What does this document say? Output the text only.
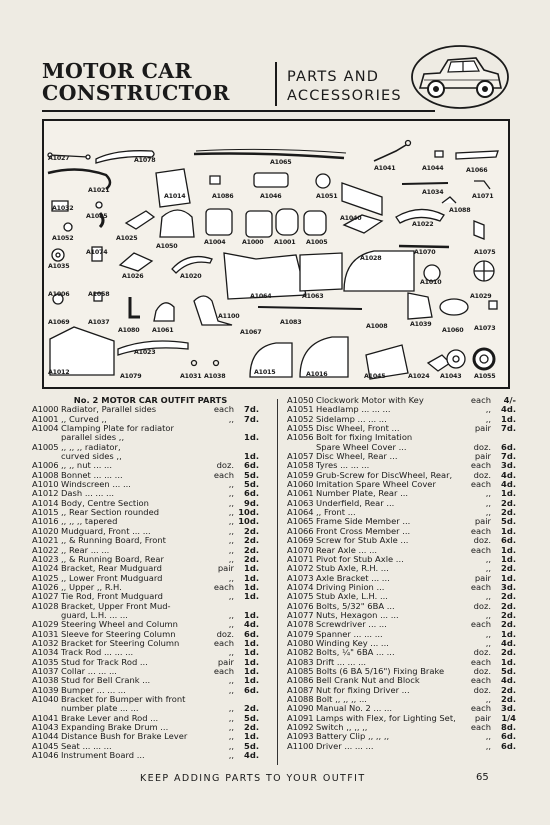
MOTOR CAR
CONSTRUCTOR
PARTS AND
ACCESSORIES
A1027	A1078	A1065
A1041	A1044	A1066
A1021
A1014	A1086	A1046	A1051
A1034
A1071
A1032
A1085	A1040
A1088
A1022
A1052	A1025
A1004	A1000 A1001 A1005
A1050
A1074
A1028
A1070	A1075
A1035
A1026	A1020
A1010
A1006	A1058	A1064	A1063	A1029
A1069	A1037
A1100
A1083
A1080 A1061	A1067
A1039
A1008
A1060 A1073
A1023
A1012
A1079	A1031 A1038
A1015	A1016	A1045	A1024 A1043 A1055
No. 2 MOTOR CAR OUTFIT PARTS
A1000 Radiator, Parallel sides	each 7d.
A1001 ,, Curved ,,	,, 7d.
A1004 Clamping Plate for radiator
parallel sides ,,	1d.
A1005 ,, ,, ,, radiator,
curved sides ,,	1d.
A1006 ,, ,, nut ... ...	doz. 6d.
A1008 Bonnet ... ... ...	each 5d.
A1010 Windscreen ... ...	,, 5d.
A1012 Dash ... ... ...	,, 6d.
A1014 Body, Centre Section	,, 9d.
A1015 ,, Rear Section rounded	,, 10d.
A1016 ,, ,, ,, tapered	,, 10d.
A1020 Mudguard, Front ... ...	,, 2d.
A1021 ,, & Running Board, Front	,, 2d.
A1022 ,, Rear ... ...	,, 2d.
A1023 ,, & Running Board, Rear	,, 2d.
A1024 Bracket, Rear Mudguard	pair 1d.
A1025 ,, Lower Front Mudguard	,, 1d.
A1026 ,, Upper ,, R.H.	each 1d.
A1027 Tie Rod, Front Mudguard	,, 1d.
A1028 Bracket, Upper Front Mud-
guard, L.H. ... ...	,, 1d.
A1029 Steering Wheel and Column	,, 4d.
A1031 Sleeve for Steering Column	doz. 6d.
A1032 Bracket for Steering Column	each 1d.
A1034 Track Rod ... ... ...	,, 1d.
A1035 Stud for Track Rod ...	pair 1d.
A1037 Collar ... ... ...	each 1d.
A1038 Stud for Bell Crank ...	,, 1d.
A1039 Bumper ... ... ...	,, 6d.
A1040 Bracket for Bumper with front
number plate ... ...	,, 2d.
A1041 Brake Lever and Rod ...	,, 5d.
A1043 Expanding Brake Drum ...	,, 2d.
A1044 Distance Bush for Brake Lever	,, 1d.
A1045 Seat ... ... ...	,, 5d.
A1046 Instrument Board ...	,, 4d.
A1050 Clockwork Motor with Key	each 4/-
A1051 Headlamp ... ... ...	,, 4d.
A1052 Sidelamp ... ... ...	,, 1d.
A1055 Disc Wheel, Front ...	pair 7d.
A1056 Bolt for fixing Imitation
Spare Wheel Cover ...	doz. 6d.
A1057 Disc Wheel, Rear ...	pair 7d.
A1058 Tyres ... ... ...	each 3d.
A1059 Grub-Screw for DiscWheel, Rear,	doz. 4d.
A1060 Imitation Spare Wheel Cover	each 4d.
A1061 Number Plate, Rear ...	,, 1d.
A1063 Underfield, Rear ...	,, 2d.
A1064 ,, Front ...	,, 2d.
A1065 Frame Side Member ...	pair 5d.
A1066 Front Cross Member ...	each 1d.
A1069 Screw for Stub Axle ...	doz. 6d.
A1070 Rear Axle ... ...	each 1d.
A1071 Pivot for Stub Axle ...	,, 1d.
A1072 Stub Axle, R.H. ...	,, 2d.
A1073 Axle Bracket ... ...	pair 1d.
A1074 Driving Pinion ...	each 3d.
A1075 Stub Axle, L.H. ...	,, 2d.
A1076 Bolts, 5/32" 6BA ...	doz. 2d.
A1077 Nuts, Hexagon ... ...	,, 2d.
A1078 Screwdriver ... ...	each 2d.
A1079 Spanner ... ... ...	,, 1d.
A1080 Winding Key ... ...	,, 4d.
A1082 Bolts, ¼" 6BA ... ...	doz. 2d.
A1083 Drift ... ... ...	each 1d.
A1085 Bolts (6 BA 5/16") Fixing Brake	doz. 5d.
A1086 Bell Crank Nut and Block	each 4d.
A1087 Nut for fixing Driver ...	doz. 2d.
A1088 Bolt ,, ,, ,, ...	,, 2d.
A1090 Manual No. 2 ... ...	each 3d.
A1091 Lamps with Flex, for Lighting Set, pair 1/4
A1092 Switch ,, ,, ,,	each 8d.
A1093 Battery Clip ,, ,, ,,	,, 6d.
A1100 Driver ... ... ...	,, 6d.
KEEP ADDING PARTS TO YOUR OUTFIT	65
